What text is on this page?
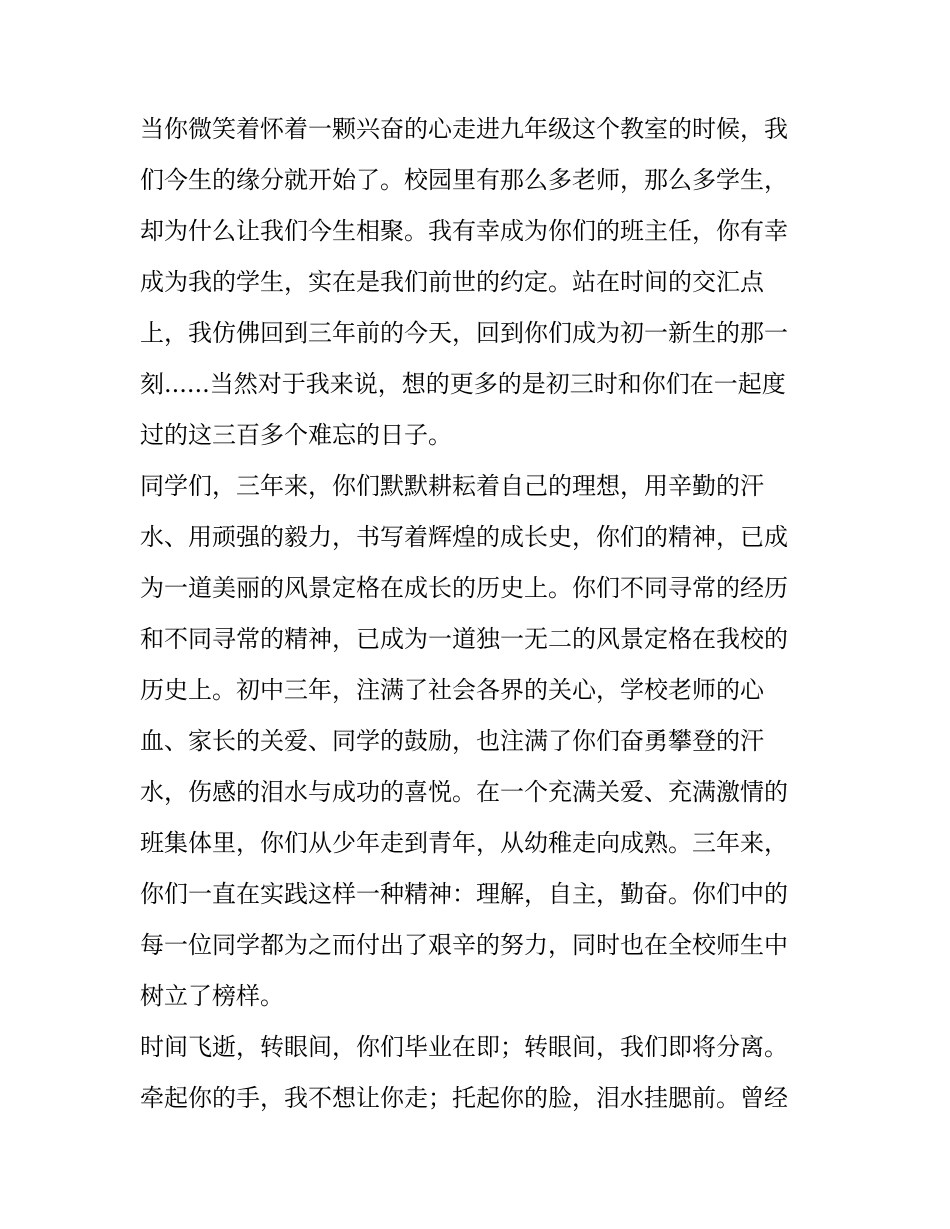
当你微笑着怀着一颗兴奋的心走进九年级这个教室的时候，我
们今生的缘分就开始了。校园里有那么多老师，那么多学生，
却为什么让我们今生相聚。我有幸成为你们的班主任，你有幸
成为我的学生，实在是我们前世的约定。站在时间的交汇点
上，我仿佛回到三年前的今天，回到你们成为初一新生的那一
刻......当然对于我来说，想的更多的是初三时和你们在一起度
过的这三百多个难忘的日子。
同学们，三年来，你们默默耕耘着自己的理想，用辛勤的汗
水、用顽强的毅力，书写着辉煌的成长史，你们的精神，已成
为一道美丽的风景定格在成长的历史上。你们不同寻常的经历
和不同寻常的精神，已成为一道独一无二的风景定格在我校的
历史上。初中三年，注满了社会各界的关心，学校老师的心
血、家长的关爱、同学的鼓励，也注满了你们奋勇攀登的汗
水，伤感的泪水与成功的喜悦。在一个充满关爱、充满激情的
班集体里，你们从少年走到青年，从幼稚走向成熟。三年来，
你们一直在实践这样一种精神：理解，自主，勤奋。你们中的
每一位同学都为之而付出了艰辛的努力，同时也在全校师生中
树立了榜样。
时间飞逝，转眼间，你们毕业在即；转眼间，我们即将分离。
牵起你的手，我不想让你走；托起你的脸，泪水挂腮前。曾经
